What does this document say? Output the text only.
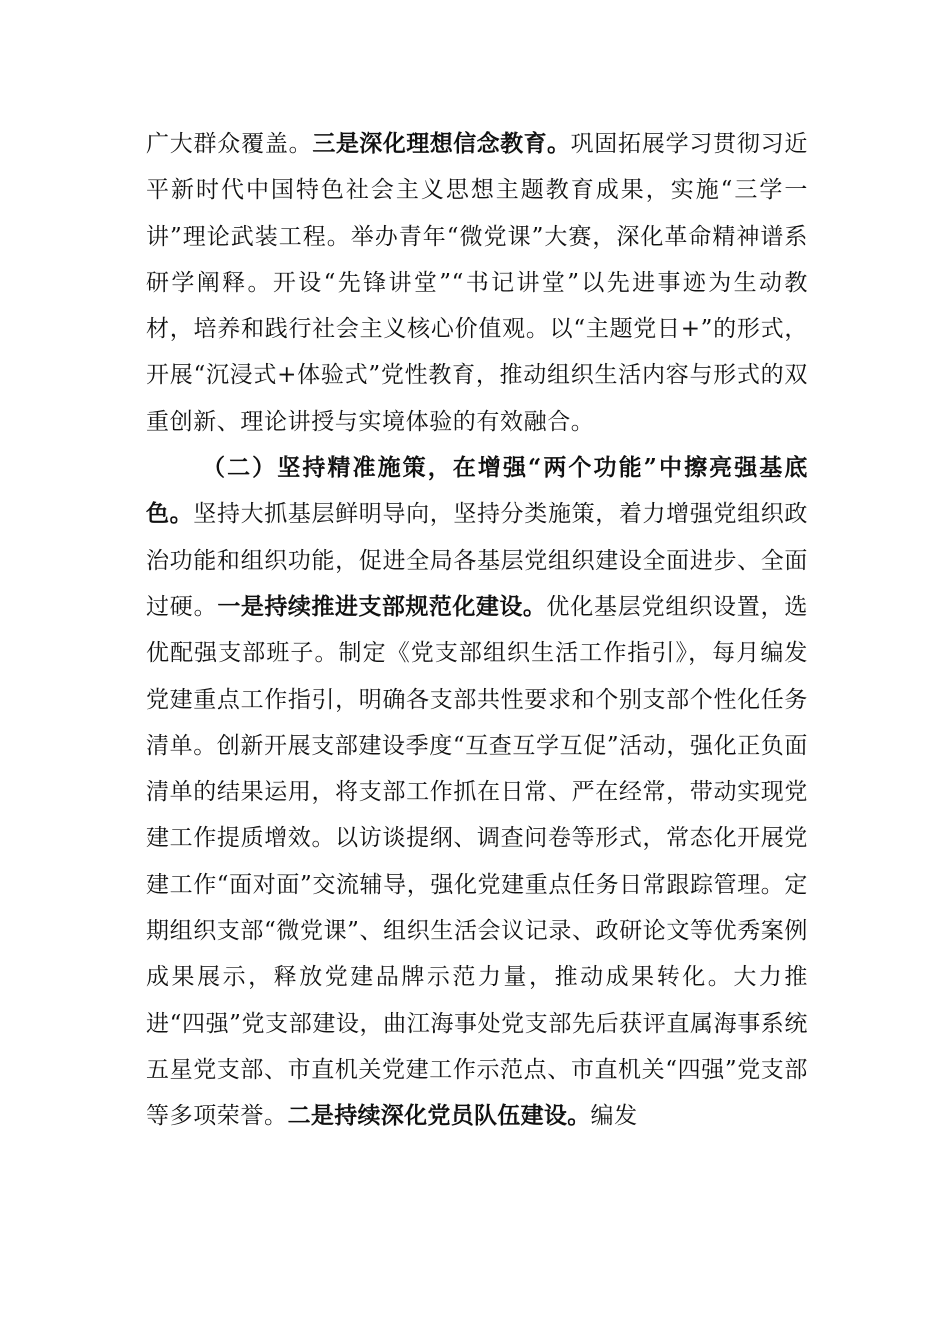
广大群众覆盖。三是深化理想信念教育。巩固拓展学习贯彻习近平新时代中国特色社会主义思想主题教育成果，实施“三学一讲”理论武装工程。举办青年“微党课”大赛，深化革命精神谱系研学阐释。开设“先锋讲堂”“书记讲堂”以先进事迹为生动教材，培养和践行社会主义核心价值观。以“主题党日+”的形式，开展“沉浸式+体验式”党性教育，推动组织生活内容与形式的双重创新、理论讲授与实境体验的有效融合。

（二）坚持精准施策，在增强“两个功能”中擦亮强基底色。坚持大抓基层鲜明导向，坚持分类施策，着力增强党组织政治功能和组织功能，促进全局各基层党组织建设全面进步、全面过硬。一是持续推进支部规范化建设。优化基层党组织设置，选优配强支部班子。制定《党支部组织生活工作指引》，每月编发党建重点工作指引，明确各支部共性要求和个别支部个性化任务清单。创新开展支部建设季度“互查互学互促”活动，强化正负面清单的结果运用，将支部工作抓在日常、严在经常，带动实现党建工作提质增效。以访谈提纲、调查问卷等形式，常态化开展党建工作“面对面”交流辅导，强化党建重点任务日常跟踪管理。定期组织支部“微党课”、组织生活会议记录、政研论文等优秀案例成果展示，释放党建品牌示范力量，推动成果转化。大力推进“四强”党支部建设，曲江海事处党支部先后获评直属海事系统五星党支部、市直机关党建工作示范点、市直机关“四强”党支部等多项荣誉。二是持续深化党员队伍建设。编发
